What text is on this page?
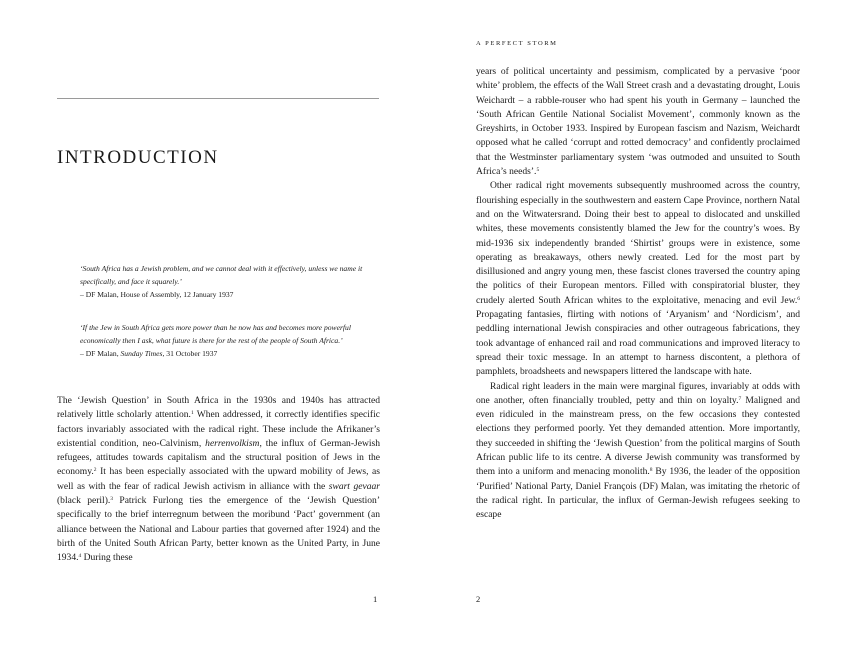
INTRODUCTION

‘South Africa has a Jewish problem, and we cannot deal with it effectively, unless we name it specifically, and face it squarely.’

– DF Malan, House of Assembly, 12 January 1937

‘If the Jew in South Africa gets more power than he now has and becomes more powerful economically then I ask, what future is there for the rest of the people of South Africa.’

– DF Malan, Sunday Times, 31 October 1937

The ‘Jewish Question’ in South Africa in the 1930s and 1940s has attracted relatively little scholarly attention.$^1$ When addressed, it correctly identifies specific factors invariably associated with the radical right. These include the Afrikaner’s existential condition, neo-Calvinism, herrenvolkism, the influx of German-Jewish refugees, attitudes towards capitalism and the structural position of Jews in the economy.$^2$ It has been especially associated with the upward mobility of Jews, as well as with the fear of radical Jewish activism in alliance with the swart gevaar (black peril).$^3$ Patrick Furlong ties the emergence of the ‘Jewish Question’ specifically to the brief interregnum between the moribund ‘Pact’ government (an alliance between the National and Labour parties that governed after 1924) and the birth of the United South African Party, better known as the United Party, in June 1934.$^4$ During these

1
A PERFECT STORM

years of political uncertainty and pessimism, complicated by a pervasive ‘poor white’ problem, the effects of the Wall Street crash and a devastating drought, Louis Weichardt – a rabble-rouser who had spent his youth in Germany – launched the ‘South African Gentile National Socialist Movement’, commonly known as the Greyshirts, in October 1933. Inspired by European fascism and Nazism, Weichardt opposed what he called ‘corrupt and rotted democracy’ and confidently proclaimed that the Westminster parliamentary system ‘was outmoded and unsuited to South Africa’s needs’.$^5$

Other radical right movements subsequently mushroomed across the country, flourishing especially in the southwestern and eastern Cape Province, northern Natal and on the Witwatersrand. Doing their best to appeal to dislocated and unskilled whites, these movements consistently blamed the Jew for the country’s woes. By mid-1936 six independently branded ‘Shirtist’ groups were in existence, some operating as breakaways, others newly created. Led for the most part by disillusioned and angry young men, these fascist clones traversed the country aping the politics of their European mentors. Filled with conspiratorial bluster, they crudely alerted South African whites to the exploitative, menacing and evil Jew.$^6$ Propagating fantasies, flirting with notions of ‘Aryanism’ and ‘Nordicism’, and peddling international Jewish conspiracies and other outrageous fabrications, they took advantage of enhanced rail and road communications and improved literacy to spread their toxic message. In an attempt to harness discontent, a plethora of pamphlets, broadsheets and newspapers littered the landscape with hate.

Radical right leaders in the main were marginal figures, invariably at odds with one another, often financially troubled, petty and thin on loyalty.$^7$ Maligned and even ridiculed in the mainstream press, on the few occasions they contested elections they performed poorly. Yet they demanded attention. More importantly, they succeeded in shifting the ‘Jewish Question’ from the political margins of South African public life to its centre. A diverse Jewish community was transformed by them into a uniform and menacing monolith.$^8$ By 1936, the leader of the opposition ‘Purified’ National Party, Daniel François (DF) Malan, was imitating the rhetoric of the radical right. In particular, the influx of German-Jewish refugees seeking to escape

2
